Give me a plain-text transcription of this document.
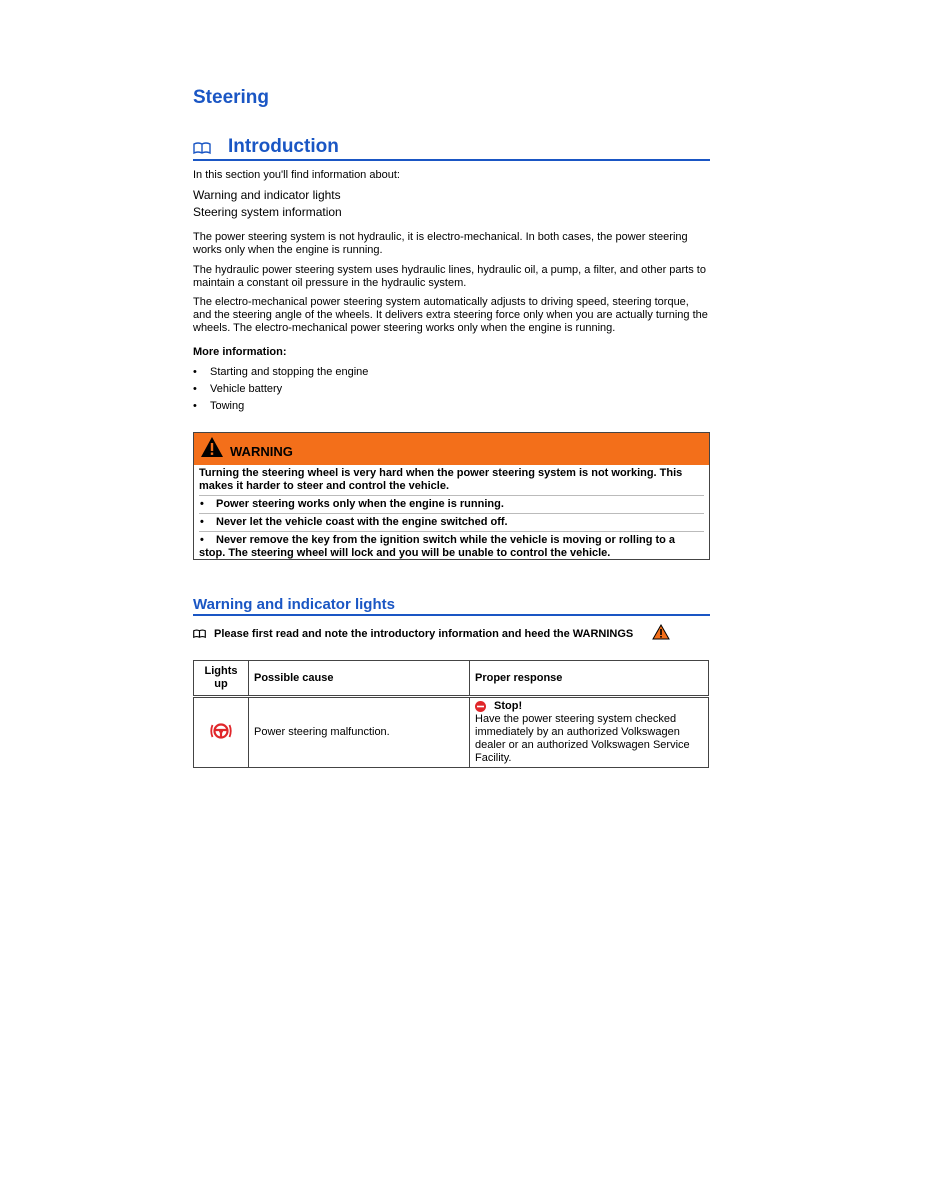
Steering
Introduction
In this section you'll find information about:
Warning and indicator lights
Steering system information
The power steering system is not hydraulic, it is electro-mechanical. In both cases, the power steering works only when the engine is running.
The hydraulic power steering system uses hydraulic lines, hydraulic oil, a pump, a filter, and other parts to maintain a constant oil pressure in the hydraulic system.
The electro-mechanical power steering system automatically adjusts to driving speed, steering torque, and the steering angle of the wheels. It delivers extra steering force only when you are actually turning the wheels. The electro-mechanical power steering works only when the engine is running.
More information:
• Starting and stopping the engine
• Vehicle battery
• Towing
WARNING
Turning the steering wheel is very hard when the power steering system is not working. This makes it harder to steer and control the vehicle.
• Power steering works only when the engine is running.
• Never let the vehicle coast with the engine switched off.
• Never remove the key from the ignition switch while the vehicle is moving or rolling to a stop. The steering wheel will lock and you will be unable to control the vehicle.
Warning and indicator lights
Please first read and note the introductory information and heed the WARNINGS
Lights up	Possible cause	Proper response
	Power steering malfunction.	Stop!
Have the power steering system checked immediately by an authorized Volkswagen dealer or an authorized Volkswagen Service Facility.
